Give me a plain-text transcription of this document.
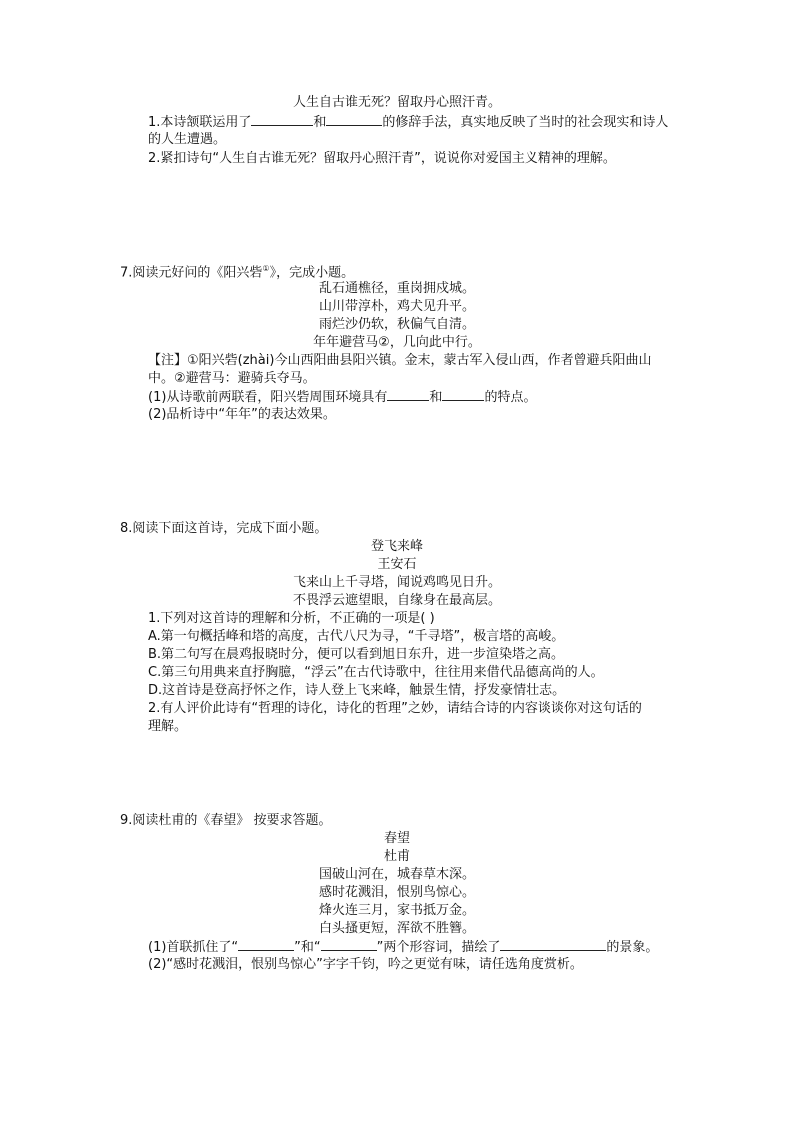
人生自古谁无死？留取丹心照汗青。
1.本诗颔联运用了	和	的修辞手法，真实地反映了当时的社会现实和诗人
的人生遭遇。
2.紧扣诗句“人生自古谁无死？留取丹心照汗青”，说说你对爱国主义精神的理解。
7.阅读元好问的《阳兴砦①》，完成小题。
乱石通樵径，重岗拥戍城。
山川带淳朴，鸡犬见升平。
雨烂沙仍软，秋偏气自清。
年年避营马②，几向此中行。
【注】①阳兴砦(zhài)今山西阳曲县阳兴镇。金末，蒙古军入侵山西，作者曾避兵阳曲山
中。②避营马：避骑兵夺马。
(1)从诗歌前两联看，阳兴砦周围环境具有	和	的特点。
(2)品析诗中“年年”的表达效果。
8.阅读下面这首诗，完成下面小题。
登飞来峰
王安石
飞来山上千寻塔，闻说鸡鸣见日升。
不畏浮云遮望眼，自缘身在最高层。
1.下列对这首诗的理解和分析，不正确的一项是( )
A.第一句概括峰和塔的高度，古代八尺为寻，“千寻塔”，极言塔的高峻。
B.第二句写在晨鸡报晓时分，便可以看到旭日东升，进一步渲染塔之高。
C.第三句用典来直抒胸臆，“浮云”在古代诗歌中，往往用来借代品德高尚的人。
D.这首诗是登高抒怀之作，诗人登上飞来峰，触景生情，抒发豪情壮志。
2.有人评价此诗有“哲理的诗化，诗化的哲理”之妙，请结合诗的内容谈谈你对这句话的
理解。
9.阅读杜甫的《春望》 按要求答题。
春望
杜甫
国破山河在，城春草木深。
感时花溅泪，恨别鸟惊心。
烽火连三月，家书抵万金。
白头搔更短，浑欲不胜簪。
(1)首联抓住了“	”和“	”两个形容词，描绘了	的景象。
(2)“感时花溅泪，恨别鸟惊心”字字千钧，吟之更觉有味，请任选角度赏析。
